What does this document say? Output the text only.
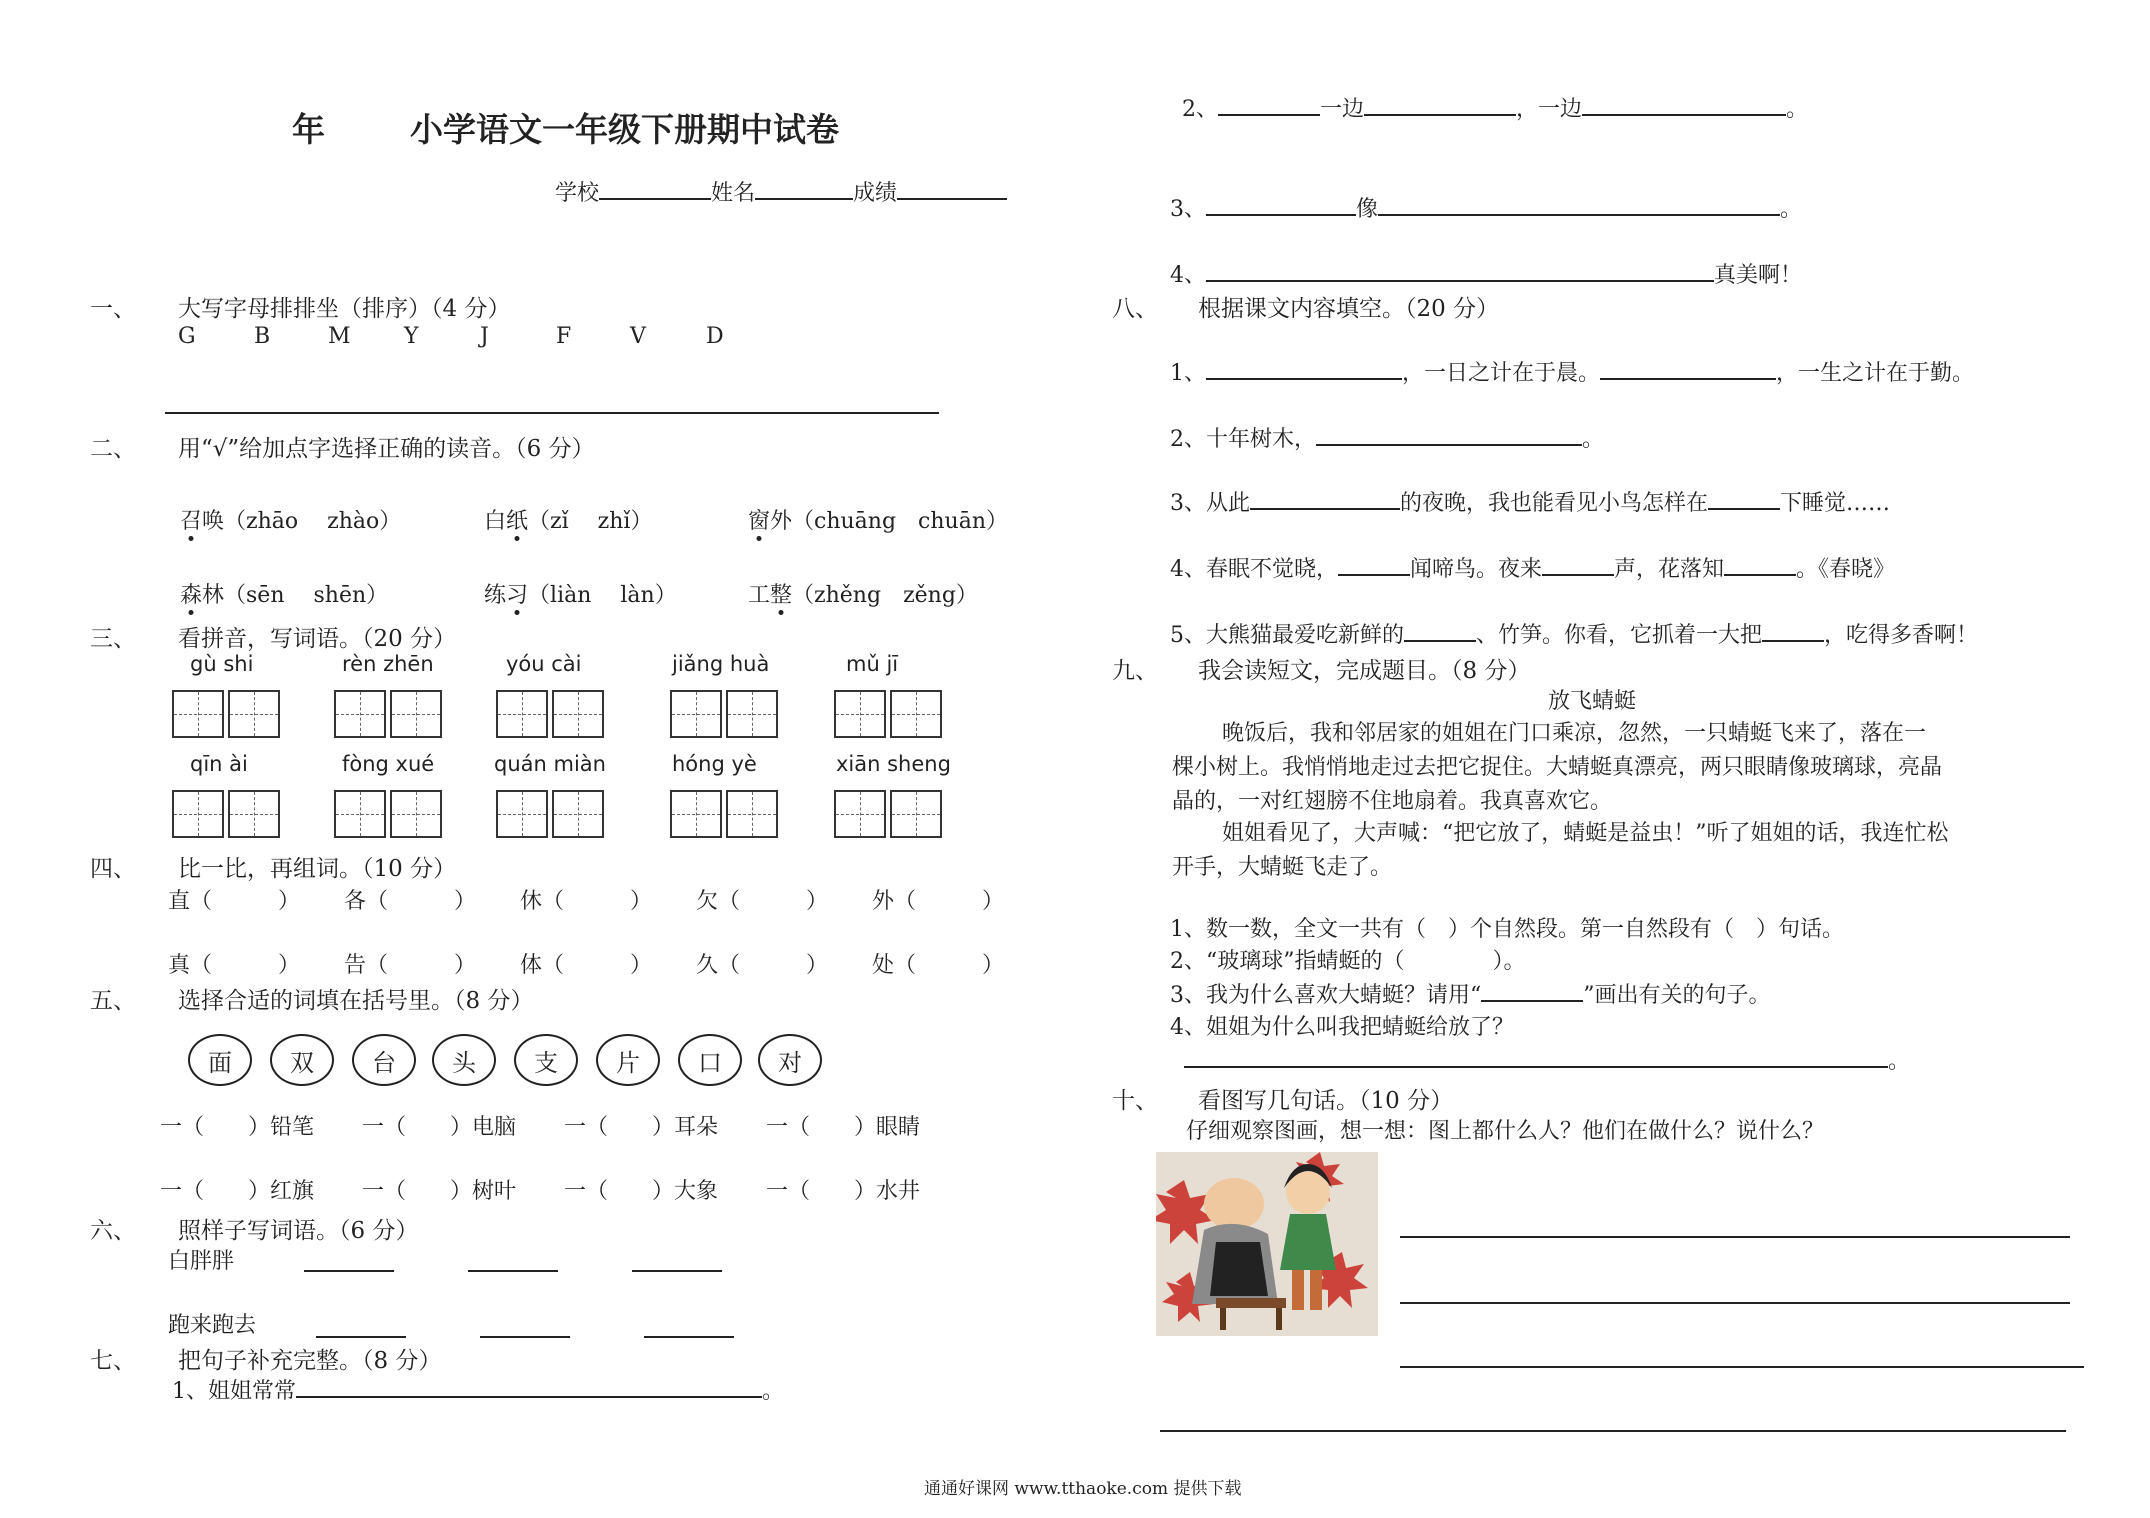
年	小学语文一年级下册期中试卷
学校	姓名	成绩
一、 大写字母排排坐（排序）（4 分）
G	B	M Y	J	F	V	D
二、 用“√”给加点字选择正确的读音。（6 分）
召唤（zhāo　 zhào）	白纸（zǐ　 zhǐ）	窗外（chuāng　chuān）
森林（sēn　 shēn）	练习（liàn　 làn）	工整（zhěng　zěng）
三、 看拼音，写词语。（20 分）
gù shi	rèn zhēn	yóu cài	jiǎng huà	mǔ jī
qīn ài	fòng xué	quán miàn	hóng yè	xiān sheng
四、 比一比，再组词。（10 分）
直（　　　） 各（　　　） 休（　　　） 欠（　　　） 外（　　　）
真（　　　） 告（　　　） 体（　　　） 久（　　　） 处（　　　）
五、 选择合适的词填在括号里。（8 分）
面	双	台	头	支	片	口	对
一（　　）铅笔 一（　　）电脑 一（　　）耳朵 一（　　）眼睛
一（　　）红旗 一（　　）树叶 一（　　）大象 一（　　）水井
六、 照样子写词语。（6 分）
白胖胖
跑来跑去
七、 把句子补充完整。（8 分）
1、姐姐常常	。
2、	一边	，一边	。
3、	像	。
4、	真美啊！
八、 根据课文内容填空。（20 分）
1、	，一日之计在于晨。	，一生之计在于勤。
2、十年树木，	。
3、从此	的夜晚，我也能看见小鸟怎样在	下睡觉……
4、春眠不觉晓，	闻啼鸟。夜来	声，花落知	。《春晓》
5、大熊猫最爱吃新鲜的	、竹笋。你看，它抓着一大把	，吃得多香啊！
九、 我会读短文，完成题目。（8 分）
放飞蜻蜓
晚饭后，我和邻居家的姐姐在门口乘凉，忽然，一只蜻蜓飞来了，落在一
棵小树上。我悄悄地走过去把它捉住。大蜻蜓真漂亮，两只眼睛像玻璃球，亮晶
晶的，一对红翅膀不住地扇着。我真喜欢它。
姐姐看见了，大声喊：“把它放了，蜻蜓是益虫！”听了姐姐的话，我连忙松
开手，大蜻蜓飞走了。
1、数一数，全文一共有（　）个自然段。第一自然段有（　）句话。
2、“玻璃球”指蜻蜓的（　　　　）。
3、我为什么喜欢大蜻蜓？请用“	”画出有关的句子。
4、姐姐为什么叫我把蜻蜓给放了？
。
十、 看图写几句话。（10 分）
仔细观察图画，想一想：图上都什么人？他们在做什么？说什么？
通通好课网 www.tthaoke.com 提供下载
